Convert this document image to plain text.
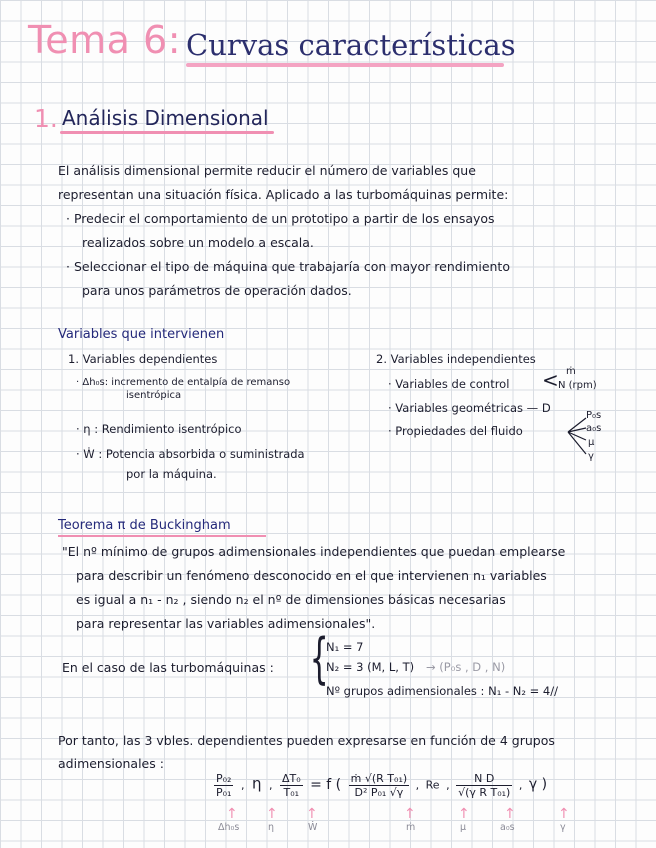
Tema 6: Curvas características
1. Análisis Dimensional
El análisis dimensional permite reducir el número de variables que
representan una situación física. Aplicado a las turbomáquinas permite:
· Predecir el comportamiento de un prototipo a partir de los ensayos
realizados sobre un modelo a escala.
· Seleccionar el tipo de máquina que trabajaría con mayor rendimiento
para unos parámetros de operación dados.
Variables que intervienen
1. Variables dependientes
· Δh₀s: incremento de entalpía de remanso
isentrópica
· η : Rendimiento isentrópico
· Ẇ : Potencia absorbida o suministrada
por la máquina.
2. Variables independientes
· Variables de control < ṁ
N (rpm)
· Variables geométricas — D
· Propiedades del fluido
P₀s
a₀s
μ
γ
Teorema π de Buckingham
"El nº mínimo de grupos adimensionales independientes que puedan emplearse
para describir un fenómeno desconocido en el que intervienen n₁ variables
es igual a n₁ - n₂ , siendo n₂ el nº de dimensiones básicas necesarias
para representar las variables adimensionales".
En el caso de las turbomáquinas : {
N₁ = 7
N₂ = 3 (M, L, T) → (P₀s , D , N)
Nº grupos adimensionales : N₁ - N₂ = 4//
Por tanto, las 3 vbles. dependientes pueden expresarse en función de 4 grupos
adimensionales :
$\frac{\text{P₀₂}}{\text{P₀₁}}$ , η , $\frac{\text{ΔT₀}}{\text{T₀₁}} = f$ ( $\frac{\text{ṁ √(R T₀₁)}}{\text{D² P₀₁ √γ}}$ , Re , $\frac{\text{N D}}{\text{√(γ R T₀₁)}}$ , γ )
↑
Δh₀s
↑
η
↑
Ẇ
↑
ṁ
↑
μ
↑
a₀s
↑
γ
